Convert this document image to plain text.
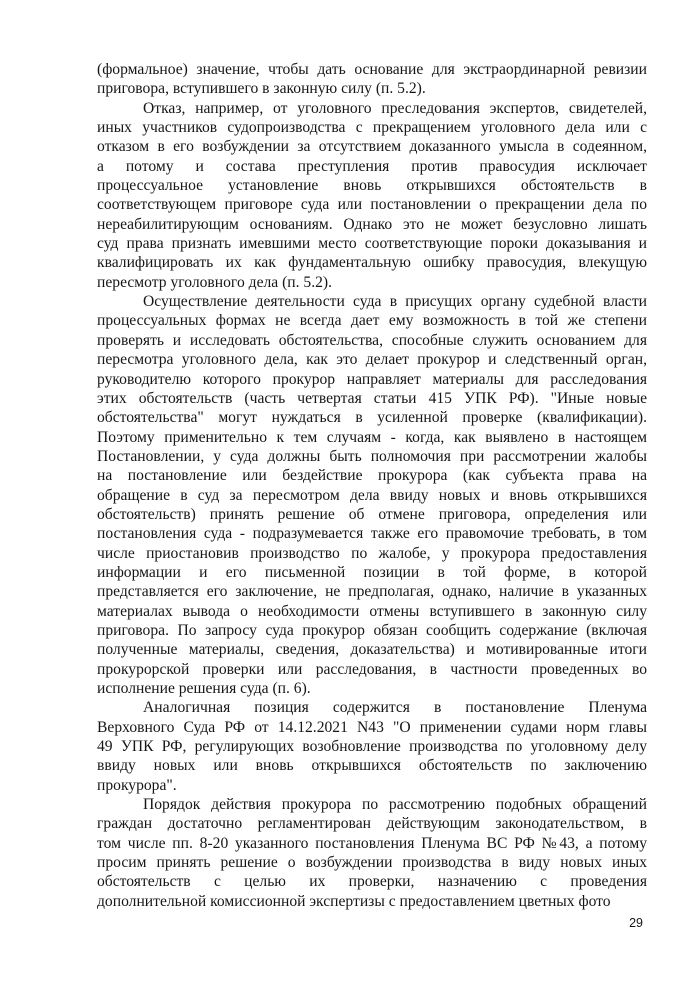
(формальное) значение, чтобы дать основание для экстраординарной ревизии
приговора, вступившего в законную силу (п. 5.2).
Отказ, например, от уголовного преследования экспертов, свидетелей,
иных участников судопроизводства с прекращением уголовного дела или с
отказом в его возбуждении за отсутствием доказанного умысла в содеянном,
а потому и состава преступления против правосудия исключает
процессуальное установление вновь открывшихся обстоятельств в
соответствующем приговоре суда или постановлении о прекращении дела по
нереабилитирующим основаниям. Однако это не может безусловно лишать
суд права признать имевшими место соответствующие пороки доказывания и
квалифицировать их как фундаментальную ошибку правосудия, влекущую
пересмотр уголовного дела (п. 5.2).
Осуществление деятельности суда в присущих органу судебной власти
процессуальных формах не всегда дает ему возможность в той же степени
проверять и исследовать обстоятельства, способные служить основанием для
пересмотра уголовного дела, как это делает прокурор и следственный орган,
руководителю которого прокурор направляет материалы для расследования
этих обстоятельств (часть четвертая статьи 415 УПК РФ). "Иные новые
обстоятельства" могут нуждаться в усиленной проверке (квалификации).
Поэтому применительно к тем случаям - когда, как выявлено в настоящем
Постановлении, у суда должны быть полномочия при рассмотрении жалобы
на постановление или бездействие прокурора (как субъекта права на
обращение в суд за пересмотром дела ввиду новых и вновь открывшихся
обстоятельств) принять решение об отмене приговора, определения или
постановления суда - подразумевается также его правомочие требовать, в том
числе приостановив производство по жалобе, у прокурора предоставления
информации и его письменной позиции в той форме, в которой
представляется его заключение, не предполагая, однако, наличие в указанных
материалах вывода о необходимости отмены вступившего в законную силу
приговора. По запросу суда прокурор обязан сообщить содержание (включая
полученные материалы, сведения, доказательства) и мотивированные итоги
прокурорской проверки или расследования, в частности проведенных во
исполнение решения суда (п. 6).
Аналогичная позиция содержится в постановление Пленума
Верховного Суда РФ от 14.12.2021 N43 "О применении судами норм главы
49 УПК РФ, регулирующих возобновление производства по уголовному делу
ввиду новых или вновь открывшихся обстоятельств по заключению
прокурора".
Порядок действия прокурора по рассмотрению подобных обращений
граждан достаточно регламентирован действующим законодательством, в
том числе пп. 8-20 указанного постановления Пленума ВС РФ №43, а потому
просим принять решение о возбуждении производства в виду новых иных
обстоятельств с целью их проверки, назначению с проведения
дополнительной комиссионной экспертизы с предоставлением цветных фото
29
